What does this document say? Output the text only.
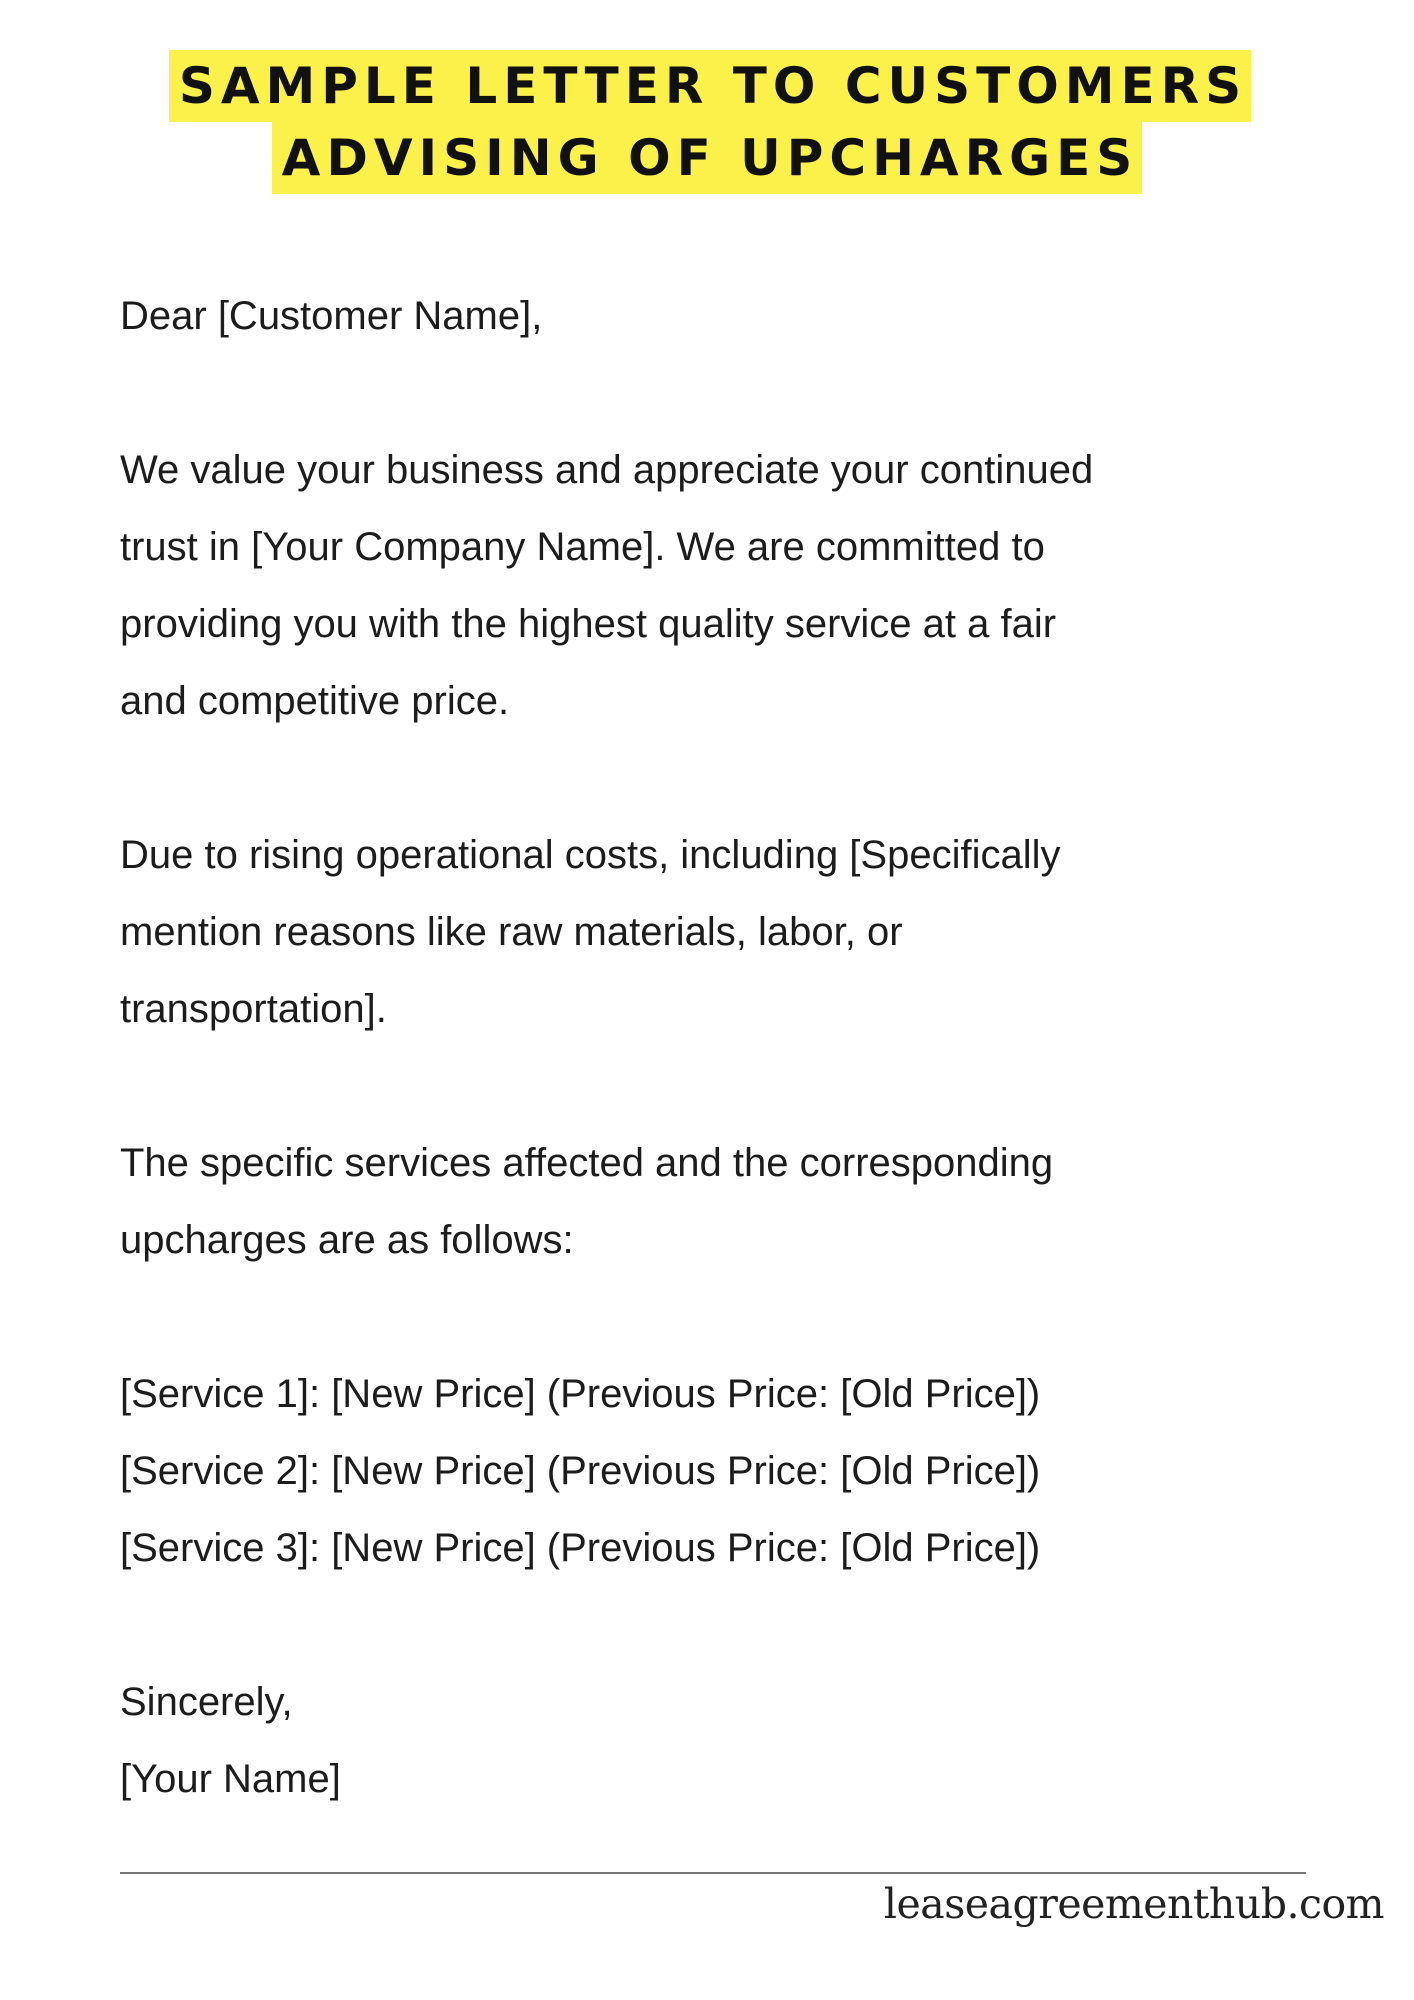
SAMPLE LETTER TO CUSTOMERS
ADVISING OF UPCHARGES

Dear [Customer Name],

We value your business and appreciate your continued
trust in [Your Company Name]. We are committed to
providing you with the highest quality service at a fair
and competitive price.

Due to rising operational costs, including [Specifically
mention reasons like raw materials, labor, or
transportation].

The specific services affected and the corresponding
upcharges are as follows:

[Service 1]: [New Price] (Previous Price: [Old Price])
[Service 2]: [New Price] (Previous Price: [Old Price])
[Service 3]: [New Price] (Previous Price: [Old Price])

Sincerely,
[Your Name]

leaseagreementhub.com
